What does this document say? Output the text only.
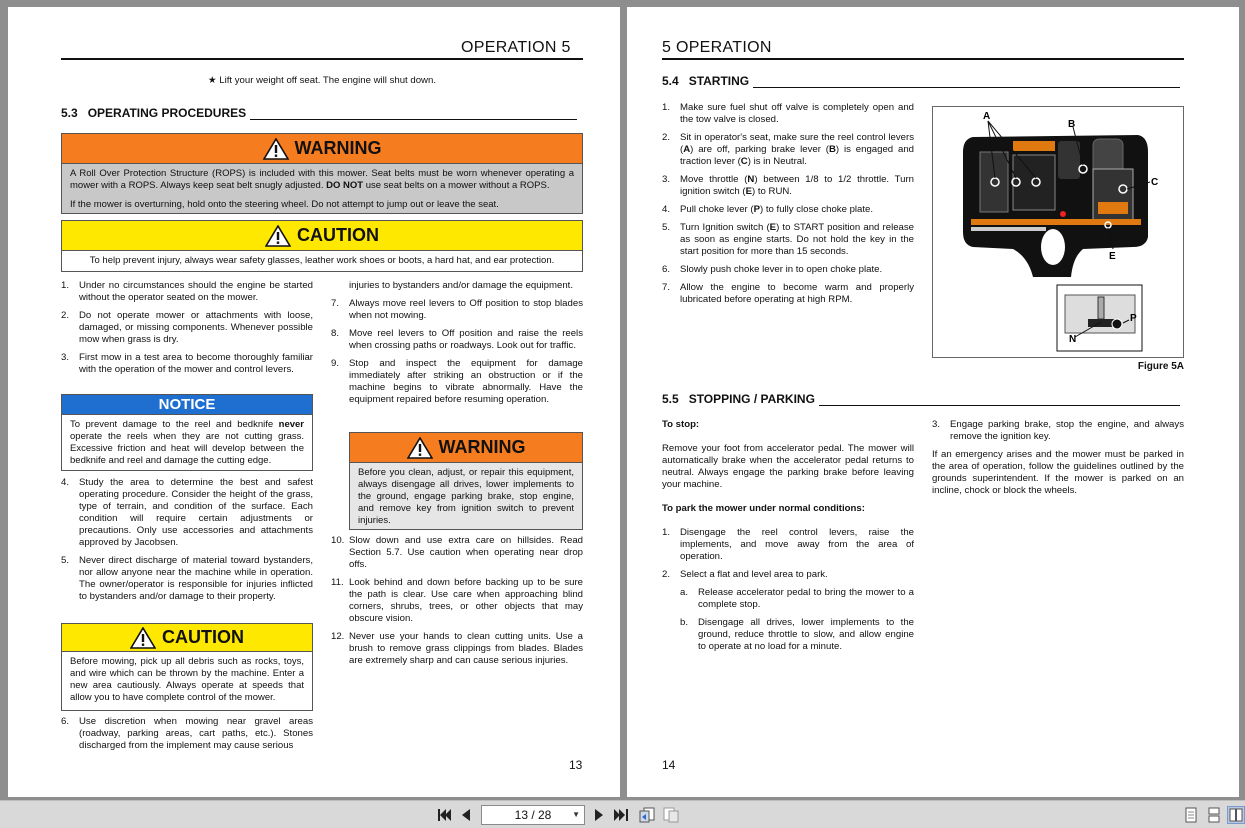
OPERATION 5
★ Lift your weight off seat. The engine will shut down.
5.3 OPERATING PROCEDURES
WARNING
A Roll Over Protection Structure (ROPS) is included with this mower. Seat belts must be worn whenever operating a mower with a ROPS. Always keep seat belt snugly adjusted. DO NOT use seat belts on a mower without a ROPS.
If the mower is overturning, hold onto the steering wheel. Do not attempt to jump out or leave the seat.
CAUTION
To help prevent injury, always wear safety glasses, leather work shoes or boots, a hard hat, and ear protection.
1.	Under no circumstances should the engine be started without the operator seated on the mower.
2.	Do not operate mower or attachments with loose, damaged, or missing components. Whenever possible mow when grass is dry.
3.	First mow in a test area to become thoroughly familiar with the operation of the mower and control levers.
NOTICE
To prevent damage to the reel and bedknife never operate the reels when they are not cutting grass. Excessive friction and heat will develop between the bedknife and reel and damage the cutting edge.
4.	Study the area to determine the best and safest operating procedure. Consider the height of the grass, type of terrain, and condition of the surface. Each condition will require certain adjustments or precautions. Only use accessories and attachments approved by Jacobsen.
5.	Never direct discharge of material toward bystanders, nor allow anyone near the machine while in operation. The owner/operator is responsible for injuries inflicted to bystanders and/or damage to their property.
CAUTION
Before mowing, pick up all debris such as rocks, toys, and wire which can be thrown by the machine. Enter a new area cautiously. Always operate at speeds that allow you to have complete control of the mower.
6.	Use discretion when mowing near gravel areas (roadway, parking areas, cart paths, etc.). Stones discharged from the implement may cause serious
injuries to bystanders and/or damage the equipment.
7.	Always move reel levers to Off position to stop blades when not mowing.
8.	Move reel levers to Off position and raise the reels when crossing paths or roadways. Look out for traffic.
9.	Stop and inspect the equipment for damage immediately after striking an obstruction or if the machine begins to vibrate abnormally. Have the equipment repaired before resuming operation.
WARNING
Before you clean, adjust, or repair this equipment, always disengage all drives, lower implements to the ground, engage parking brake, stop engine, and remove key from ignition switch to prevent injuries.
10. Slow down and use extra care on hillsides. Read Section 5.7. Use caution when operating near drop offs.
11. Look behind and down before backing up to be sure the path is clear. Use care when approaching blind corners, shrubs, trees, or other objects that may obscure vision.
12. Never use your hands to clean cutting units. Use a brush to remove grass clippings from blades. Blades are extremely sharp and can cause serious injuries.
13
5 OPERATION
5.4 STARTING
1.	Make sure fuel shut off valve is completely open and the tow valve is closed.
2.	Sit in operator's seat, make sure the reel control levers (A) are off, parking brake lever (B) is engaged and traction lever (C) is in Neutral.
3.	Move throttle (N) between 1/8 to 1/2 throttle. Turn ignition switch (E) to RUN.
4.	Pull choke lever (P) to fully close choke plate.
5.	Turn Ignition switch (E) to START position and release as soon as engine starts. Do not hold the key in the start position for more than 15 seconds.
6.	Slowly push choke lever in to open choke plate.
7.	Allow the engine to become warm and properly lubricated before operating at high RPM.
A
B
C
E
N
P
Figure 5A
5.5 STOPPING / PARKING
To stop:
Remove your foot from accelerator pedal. The mower will automatically brake when the accelerator pedal returns to neutral. Always engage the parking brake before leaving your machine.
To park the mower under normal conditions:
1.	Disengage the reel control levers, raise the implements, and move away from the area of operation.
2.	Select a flat and level area to park.
a.	Release accelerator pedal to bring the mower to a complete stop.
b.	Disengage all drives, lower implements to the ground, reduce throttle to slow, and allow engine to operate at no load for a minute.
3.	Engage parking brake, stop the engine, and always remove the ignition key.
If an emergency arises and the mower must be parked in the area of operation, follow the guidelines outlined by the grounds superintendent. If the mower is parked on an incline, chock or block the wheels.
14
13 / 28	▼
